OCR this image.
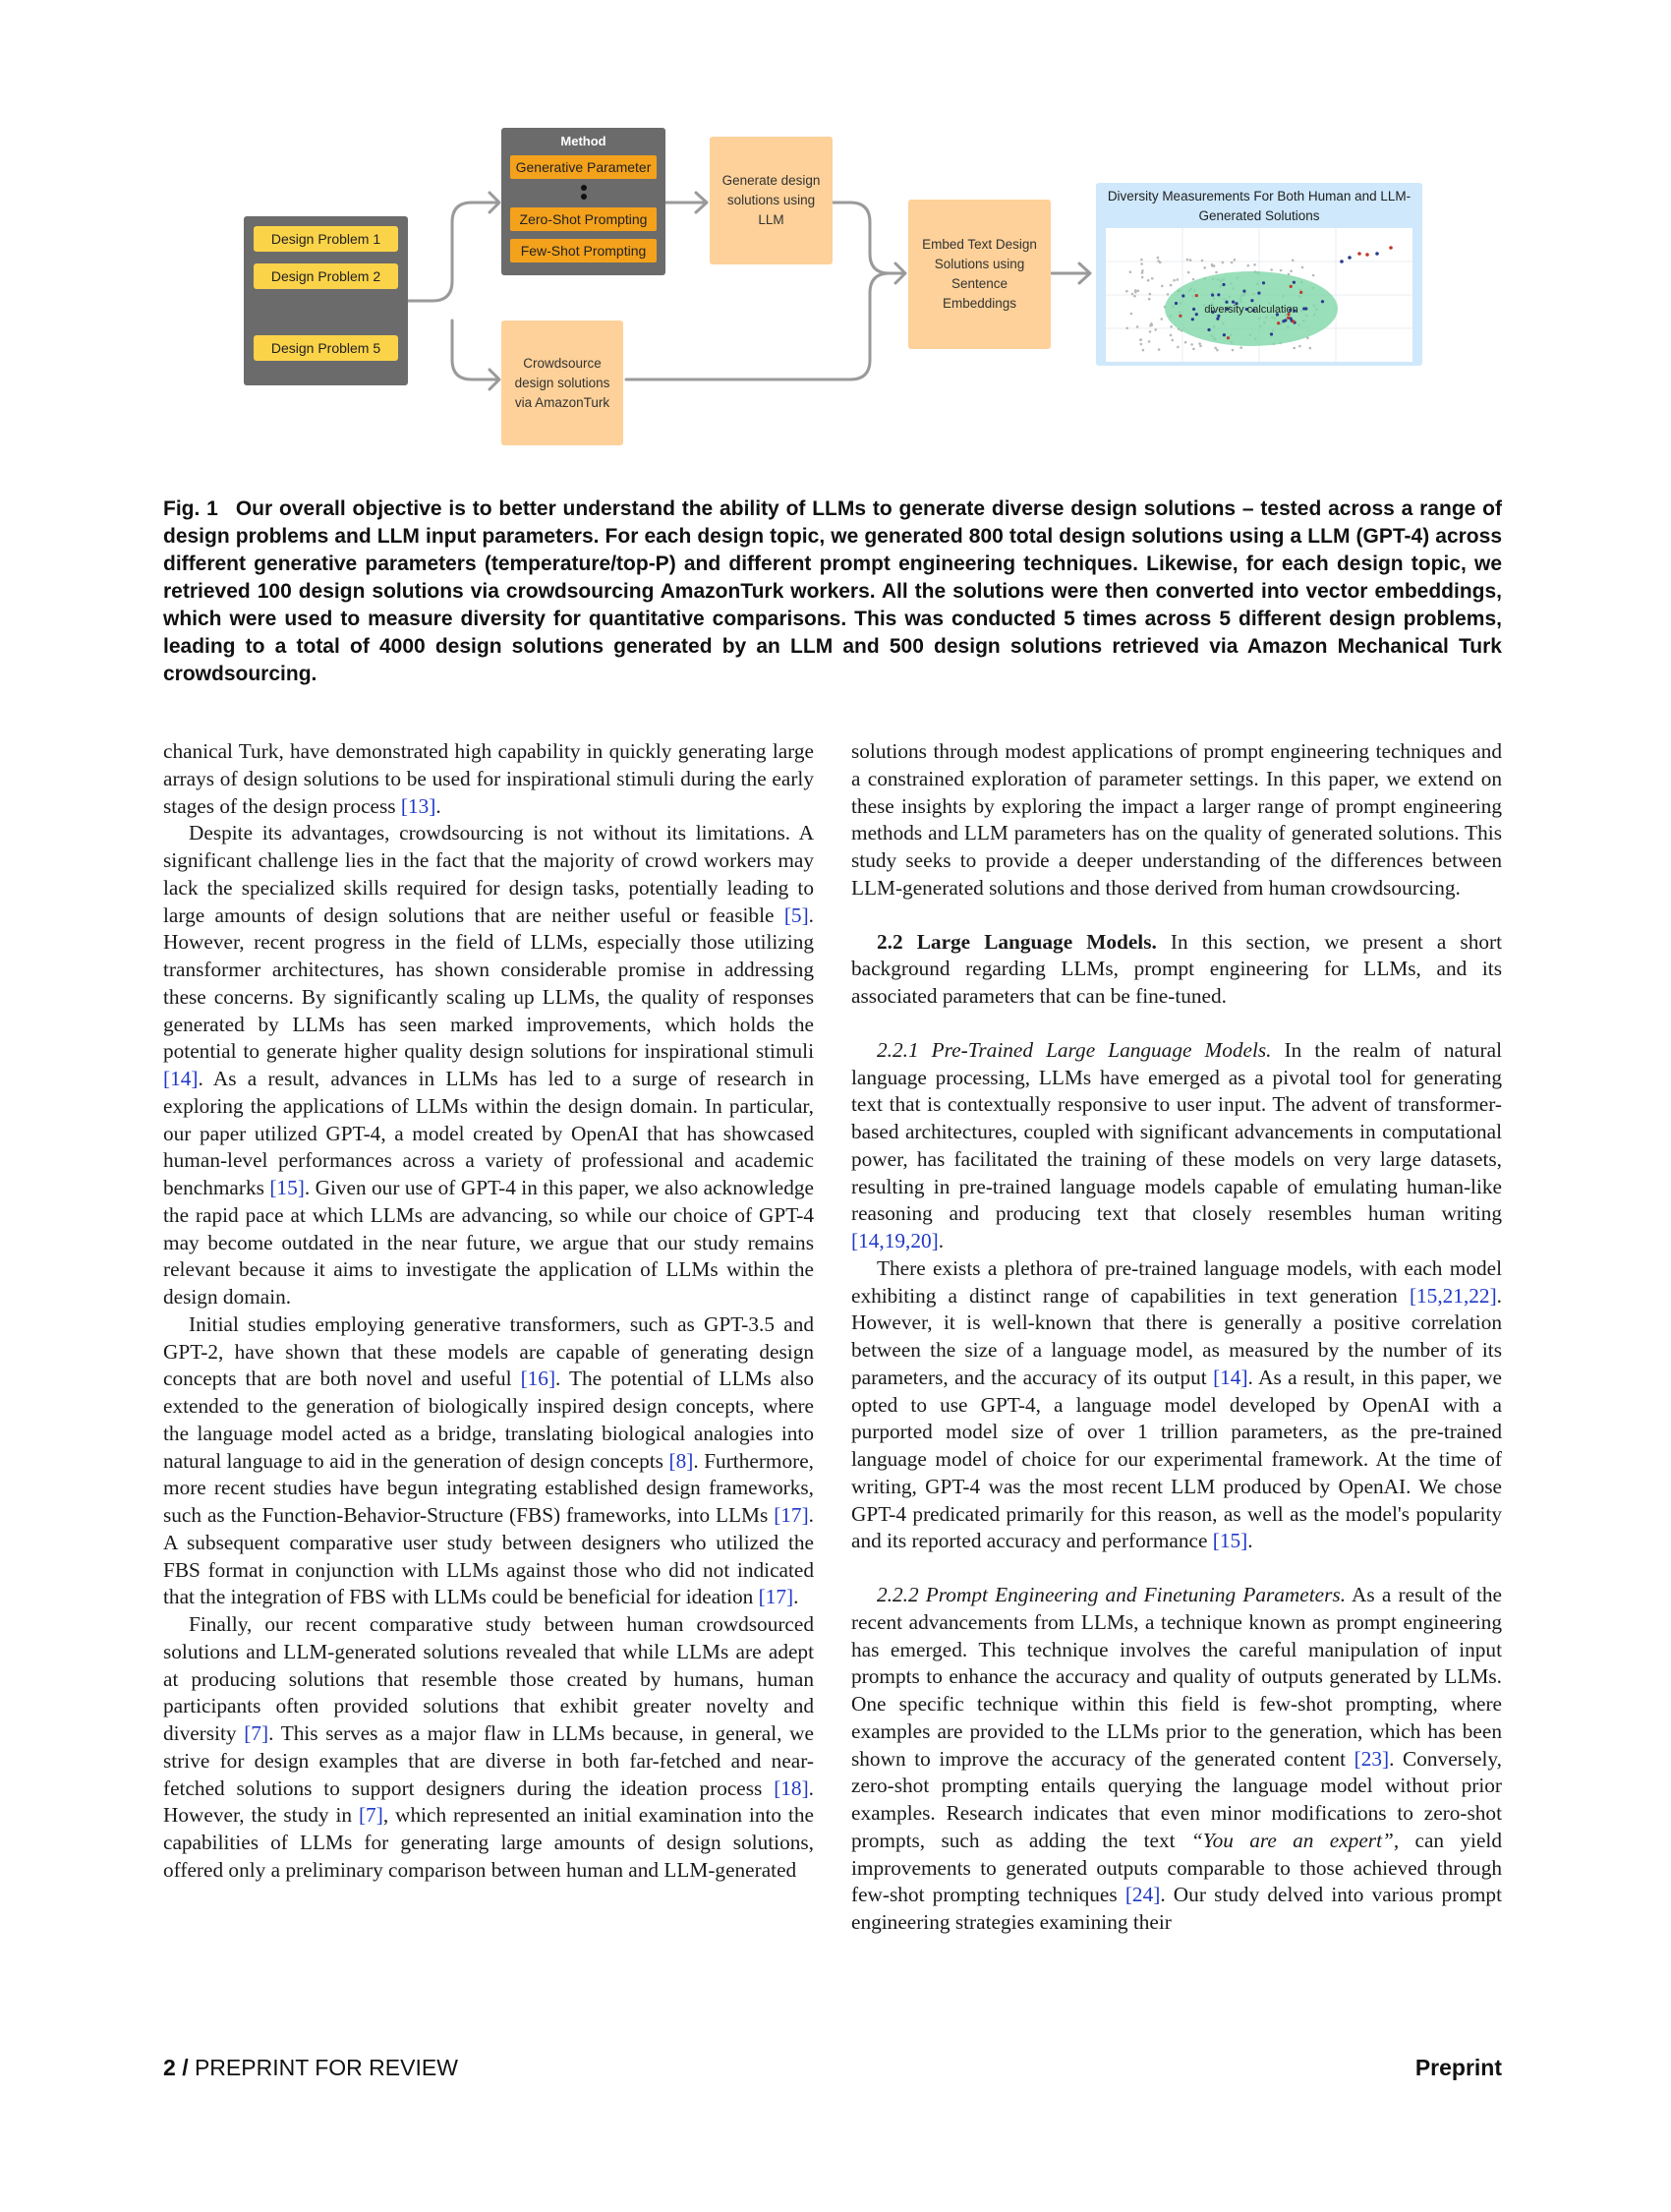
Design Problem 1
Design Problem 2
Design Problem 5
Method
Generative Parameter
Zero-Shot Prompting
Few-Shot Prompting
Generate design solutions using LLM
Crowdsource design solutions via AmazonTurk
Embed Text Design Solutions using Sentence Embeddings
Diversity Measurements For Both Human and LLM-Generated Solutions
diversity calculation
Fig. 1 Our overall objective is to better understand the ability of LLMs to generate diverse design solutions – tested across a range of design problems and LLM input parameters. For each design topic, we generated 800 total design solutions using a LLM (GPT-4) across different generative parameters (temperature/top-P) and different prompt engineering techniques. Likewise, for each design topic, we retrieved 100 design solutions via crowdsourcing AmazonTurk workers. All the solutions were then converted into vector embeddings, which were used to measure diversity for quantitative comparisons. This was conducted 5 times across 5 different design problems, leading to a total of 4000 design solutions generated by an LLM and 500 design solutions retrieved via Amazon Mechanical Turk crowdsourcing.

chanical Turk, have demonstrated high capability in quickly generating large arrays of design solutions to be used for inspirational stimuli during the early stages of the design process [13].

Despite its advantages, crowdsourcing is not without its limitations. A significant challenge lies in the fact that the majority of crowd workers may lack the specialized skills required for design tasks, potentially leading to large amounts of design solutions that are neither useful or feasible [5]. However, recent progress in the field of LLMs, especially those utilizing transformer architectures, has shown considerable promise in addressing these concerns. By significantly scaling up LLMs, the quality of responses generated by LLMs has seen marked improvements, which holds the potential to generate higher quality design solutions for inspirational stimuli [14]. As a result, advances in LLMs has led to a surge of research in exploring the applications of LLMs within the design domain. In particular, our paper utilized GPT-4, a model created by OpenAI that has showcased human-level performances across a variety of professional and academic benchmarks [15]. Given our use of GPT-4 in this paper, we also acknowledge the rapid pace at which LLMs are advancing, so while our choice of GPT-4 may become outdated in the near future, we argue that our study remains relevant because it aims to investigate the application of LLMs within the design domain.

Initial studies employing generative transformers, such as GPT-3.5 and GPT-2, have shown that these models are capable of generating design concepts that are both novel and useful [16]. The potential of LLMs also extended to the generation of biologically inspired design concepts, where the language model acted as a bridge, translating biological analogies into natural language to aid in the generation of design concepts [8]. Furthermore, more recent studies have begun integrating established design frameworks, such as the Function-Behavior-Structure (FBS) frameworks, into LLMs [17]. A subsequent comparative user study between designers who utilized the FBS format in conjunction with LLMs against those who did not indicated that the integration of FBS with LLMs could be beneficial for ideation [17].

Finally, our recent comparative study between human crowdsourced solutions and LLM-generated solutions revealed that while LLMs are adept at producing solutions that resemble those created by humans, human participants often provided solutions that exhibit greater novelty and diversity [7]. This serves as a major flaw in LLMs because, in general, we strive for design examples that are diverse in both far-fetched and near-fetched solutions to support designers during the ideation process [18]. However, the study in [7], which represented an initial examination into the capabilities of LLMs for generating large amounts of design solutions, offered only a preliminary comparison between human and LLM-generated

solutions through modest applications of prompt engineering techniques and a constrained exploration of parameter settings. In this paper, we extend on these insights by exploring the impact a larger range of prompt engineering methods and LLM parameters has on the quality of generated solutions. This study seeks to provide a deeper understanding of the differences between LLM-generated solutions and those derived from human crowdsourcing.

2.2 Large Language Models. In this section, we present a short background regarding LLMs, prompt engineering for LLMs, and its associated parameters that can be fine-tuned.

2.2.1 Pre-Trained Large Language Models. In the realm of natural language processing, LLMs have emerged as a pivotal tool for generating text that is contextually responsive to user input. The advent of transformer-based architectures, coupled with significant advancements in computational power, has facilitated the training of these models on very large datasets, resulting in pre-trained language models capable of emulating human-like reasoning and producing text that closely resembles human writing [14,19,20].

There exists a plethora of pre-trained language models, with each model exhibiting a distinct range of capabilities in text generation [15,21,22]. However, it is well-known that there is generally a positive correlation between the size of a language model, as measured by the number of its parameters, and the accuracy of its output [14]. As a result, in this paper, we opted to use GPT-4, a language model developed by OpenAI with a purported model size of over 1 trillion parameters, as the pre-trained language model of choice for our experimental framework. At the time of writing, GPT-4 was the most recent LLM produced by OpenAI. We chose GPT-4 predicated primarily for this reason, as well as the model's popularity and its reported accuracy and performance [15].

2.2.2 Prompt Engineering and Finetuning Parameters. As a result of the recent advancements from LLMs, a technique known as prompt engineering has emerged. This technique involves the careful manipulation of input prompts to enhance the accuracy and quality of outputs generated by LLMs. One specific technique within this field is few-shot prompting, where examples are provided to the LLMs prior to the generation, which has been shown to improve the accuracy of the generated content [23]. Conversely, zero-shot prompting entails querying the language model without prior examples. Research indicates that even minor modifications to zero-shot prompts, such as adding the text “You are an expert”, can yield improvements to generated outputs comparable to those achieved through few-shot prompting techniques [24]. Our study delved into various prompt engineering strategies examining their

2 / PREPRINT FOR REVIEW	Preprint
